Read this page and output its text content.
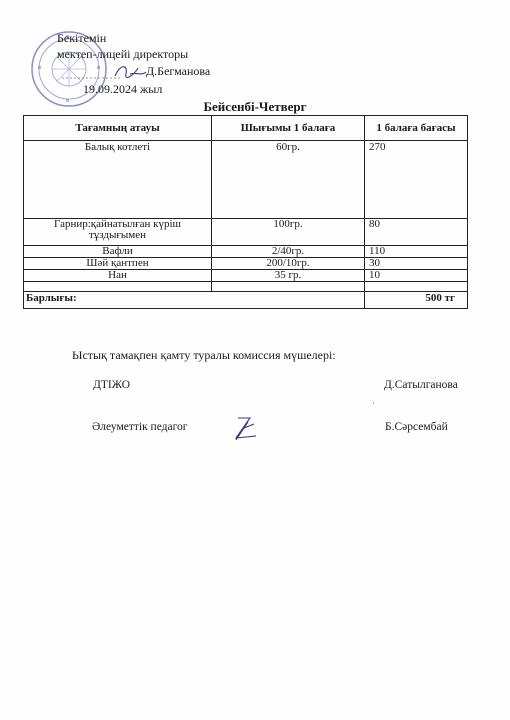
Бекітемін
мектеп-лицейі директоры
Д.Бегманова
19.09.2024 жыл
Бейсенбі-Четверг
Тағамның атауы	Шығымы 1 балаға	1 балаға бағасы
Балық котлеті	60гр.	270
Гарнир:қайнатылған күріш тұздығымен	100гр.	80
Вафли	2/40гр.	110
Шәй қантпен	200/10гр.	30
Нан	35 гр.	10

Барлығы:		500 тг
Ыстық тамақпен қамту туралы комиссия мүшелері:
ДТІЖО	Д.Сатылганова
·
Әлеуметтік педагог	Б.Сәрсембай
